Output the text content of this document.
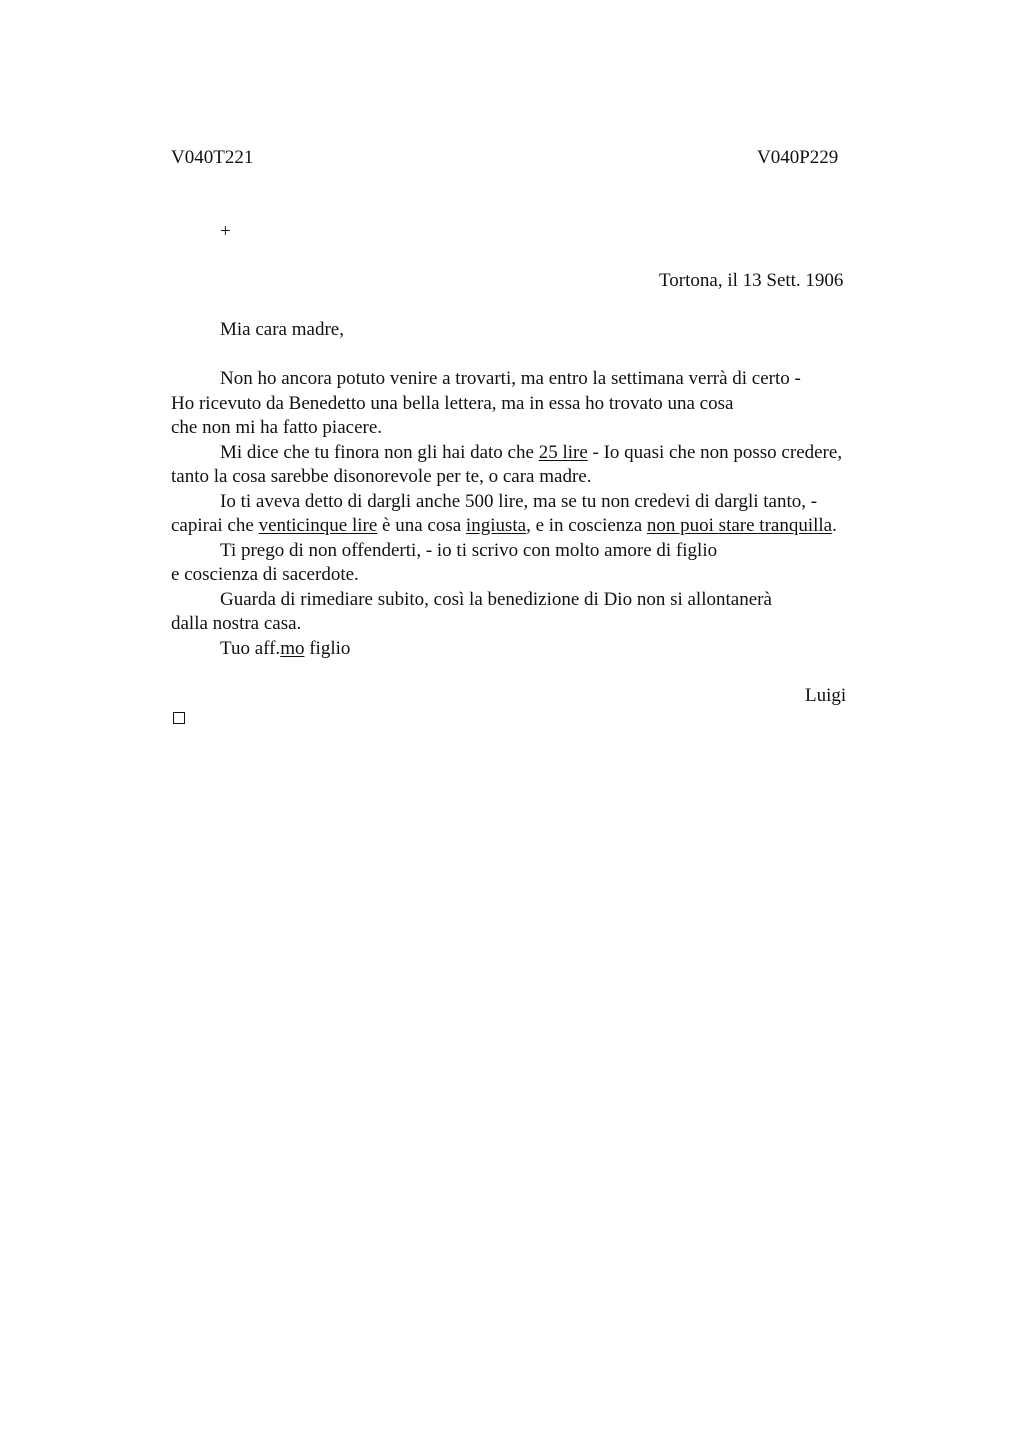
V040T221	V040P229
+
Tortona, il 13 Sett. 1906
Mia cara madre,
Non ho ancora potuto venire a trovarti, ma entro la settimana verrà di certo -
Ho ricevuto da Benedetto una bella lettera, ma in essa ho trovato una cosa
che non mi ha fatto piacere.
Mi dice che tu finora non gli hai dato che 25 lire - Io quasi che non posso credere,
tanto la cosa sarebbe disonorevole per te, o cara madre.
Io ti aveva detto di dargli anche 500 lire, ma se tu non credevi di dargli tanto, -
capirai che venticinque lire è una cosa ingiusta, e in coscienza non puoi stare tranquilla.
Ti prego di non offenderti, - io ti scrivo con molto amore di figlio
e coscienza di sacerdote.
Guarda di rimediare subito, così la benedizione di Dio non si allontanerà
dalla nostra casa.
Tuo aff.mo figlio
Luigi
